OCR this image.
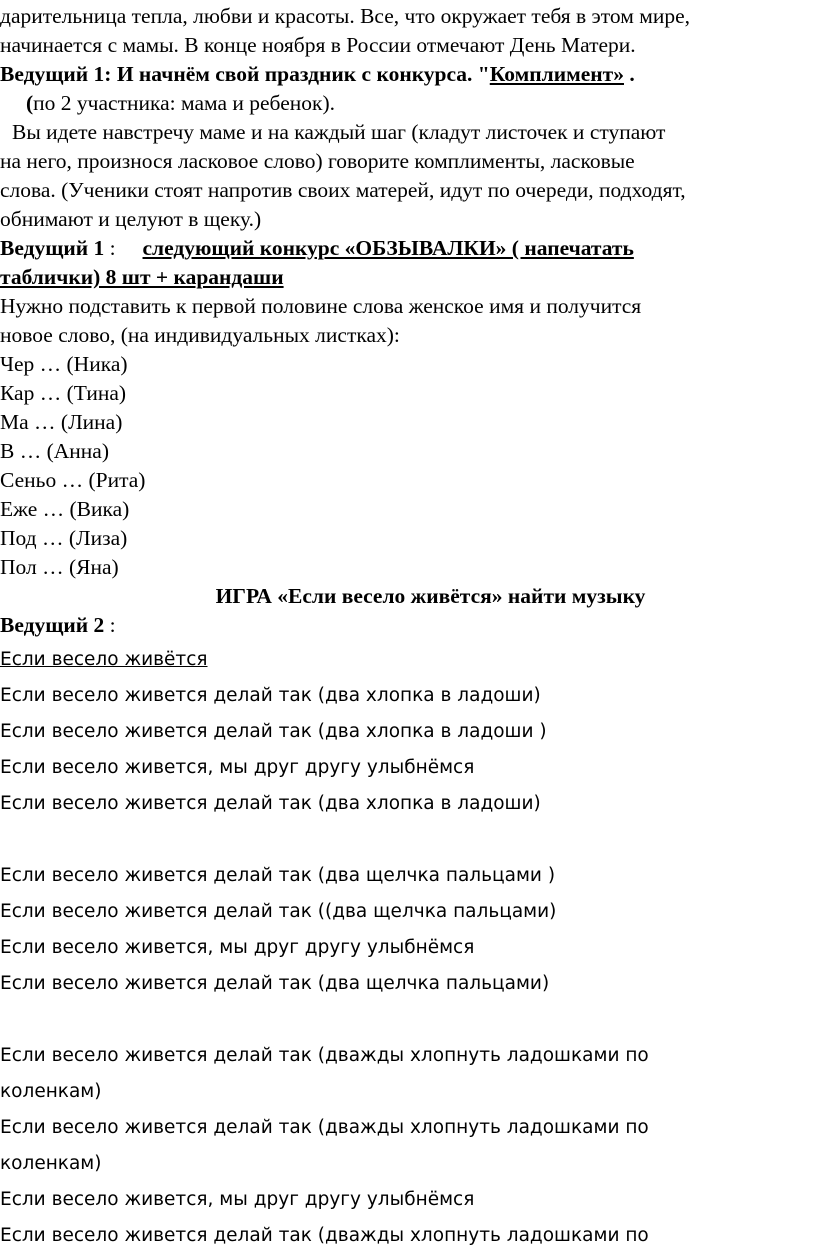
дарительница тепла, любви и красоты. Все, что окружает тебя в этом мире,

начинается с мамы. В конце ноября в России отмечают День Матери.

Ведущий 1: И начнём свой праздник с конкурса. "Комплимент» .

(по 2 участника: мама и ребенок).

Вы идете навстречу маме и на каждый шаг (кладут листочек и ступают

на него, произнося ласковое слово) говорите комплименты, ласковые

слова. (Ученики стоят напротив своих матерей, идут по очереди, подходят,

обнимают и целуют в щеку.)

Ведущий 1 :     следующий конкурс «ОБЗЫВАЛКИ» ( напечатать

таблички) 8 шт + карандаши

Нужно подставить к первой половине слова женское имя и получится

новое слово, (на индивидуальных листках):

Чер … (Ника)

Кар … (Тина)

Ма … (Лина)

В … (Анна)

Сеньо … (Рита)

Еже … (Вика)

Под … (Лиза)

Пол … (Яна)

ИГРА «Если весело живётся» найти музыку

Ведущий 2 :

Если весело живётся

Если весело живется делай так (два хлопка в ладоши)

Если весело живется делай так (два хлопка в ладоши )

Если весело живется, мы друг другу улыбнёмся

Если весело живется делай так (два хлопка в ладоши)

Если весело живется делай так (два щелчка пальцами )

Если весело живется делай так ((два щелчка пальцами)

Если весело живется, мы друг другу улыбнёмся

Если весело живется делай так (два щелчка пальцами)

Если весело живется делай так (дважды хлопнуть ладошками по

коленкам)

Если весело живется делай так (дважды хлопнуть ладошками по

коленкам)

Если весело живется, мы друг другу улыбнёмся

Если весело живется делай так (дважды хлопнуть ладошками по
